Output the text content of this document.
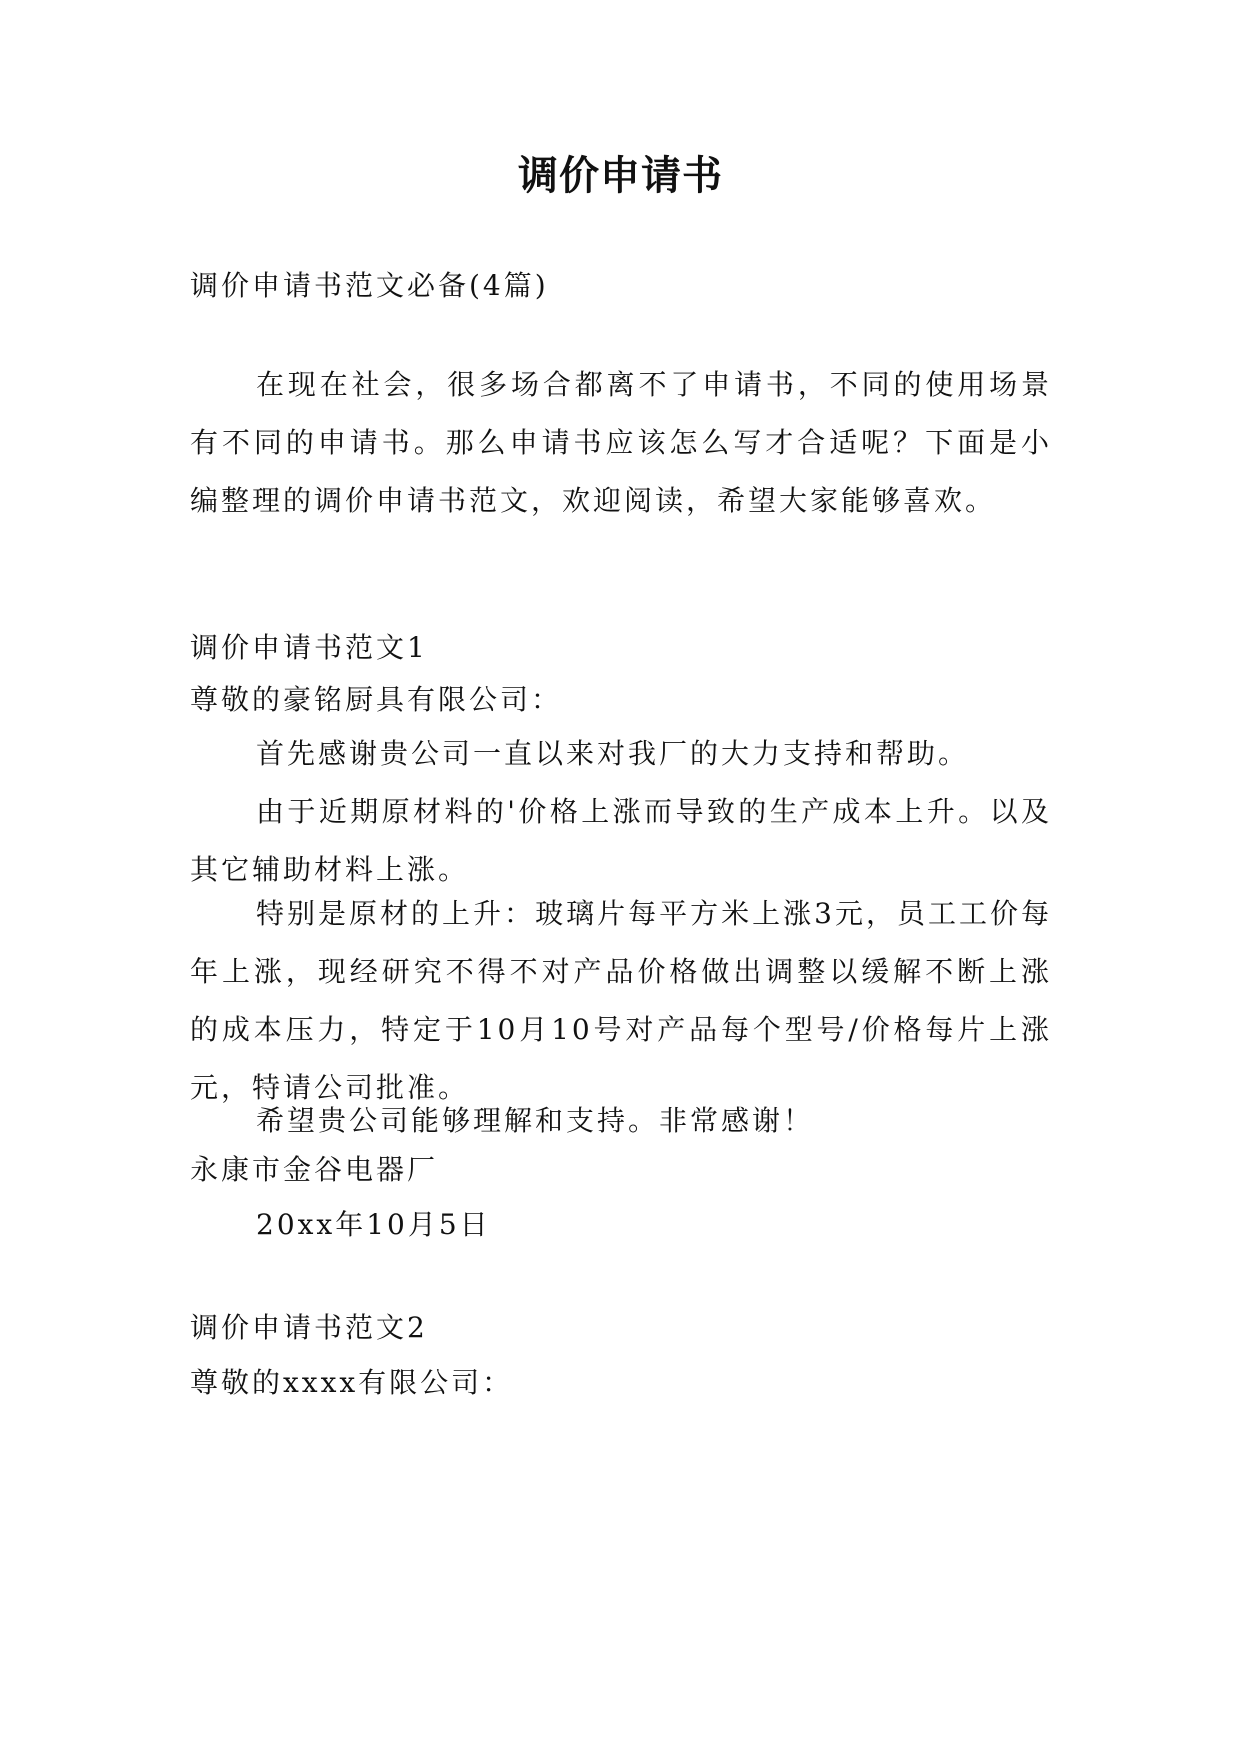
调价申请书
调价申请书范文必备(4篇)
在现在社会，很多场合都离不了申请书，不同的使用场景有不同的申请书。那么申请书应该怎么写才合适呢？下面是小编整理的调价申请书范文，欢迎阅读，希望大家能够喜欢。
调价申请书范文1
尊敬的豪铭厨具有限公司：
首先感谢贵公司一直以来对我厂的大力支持和帮助。
由于近期原材料的'价格上涨而导致的生产成本上升。以及其它辅助材料上涨。
特别是原材的上升：玻璃片每平方米上涨3元，员工工价每年上涨，现经研究不得不对产品价格做出调整以缓解不断上涨的成本压力，特定于10月10号对产品每个型号/价格每片上涨元，特请公司批准。
希望贵公司能够理解和支持。非常感谢！
永康市金谷电器厂
20xx年10月5日
调价申请书范文2
尊敬的xxxx有限公司：
